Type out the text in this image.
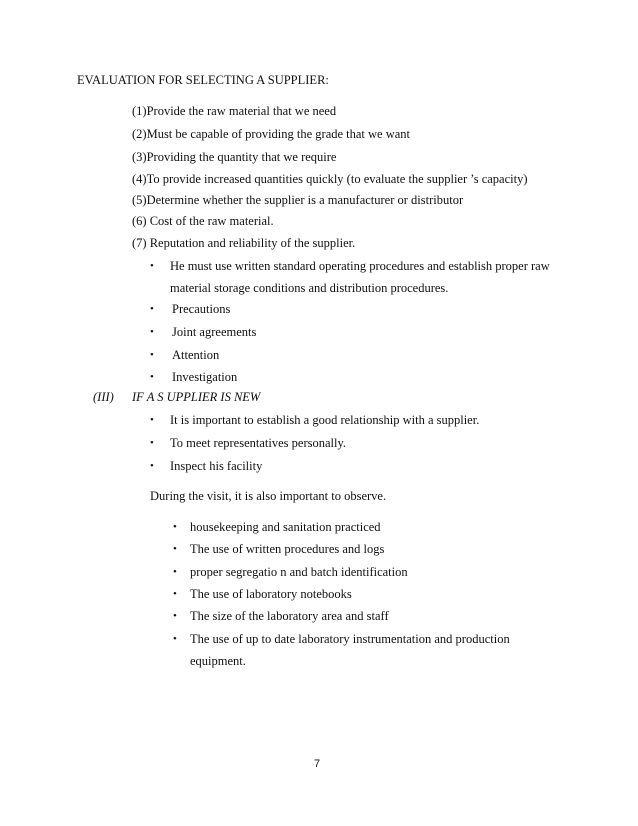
EVALUATION FOR SELECTING A SUPPLIER:
(1)Provide the raw material that we need
(2)Must be capable of providing the grade that we want
(3)Providing the quantity that we require
(4)To provide increased quantities quickly (to evaluate the supplier ’s capacity)
(5)Determine whether the supplier is a manufacturer or distributor
(6) Cost of the raw material.
(7) Reputation and reliability of the supplier.
• He must use written standard operating procedures and establish proper raw
material storage conditions and distribution procedures.
• Precautions
• Joint agreements
• Attention
• Investigation
(III) IF A S UPPLIER IS NEW
• It is important to establish a good relationship with a supplier.
• To meet representatives personally.
• Inspect his facility
During the visit, it is also important to observe.
• housekeeping and sanitation practiced
• The use of written procedures and logs
• proper segregatio n and batch identification
• The use of laboratory notebooks
• The size of the laboratory area and staff
• The use of up to date laboratory instrumentation and production
equipment.
7
